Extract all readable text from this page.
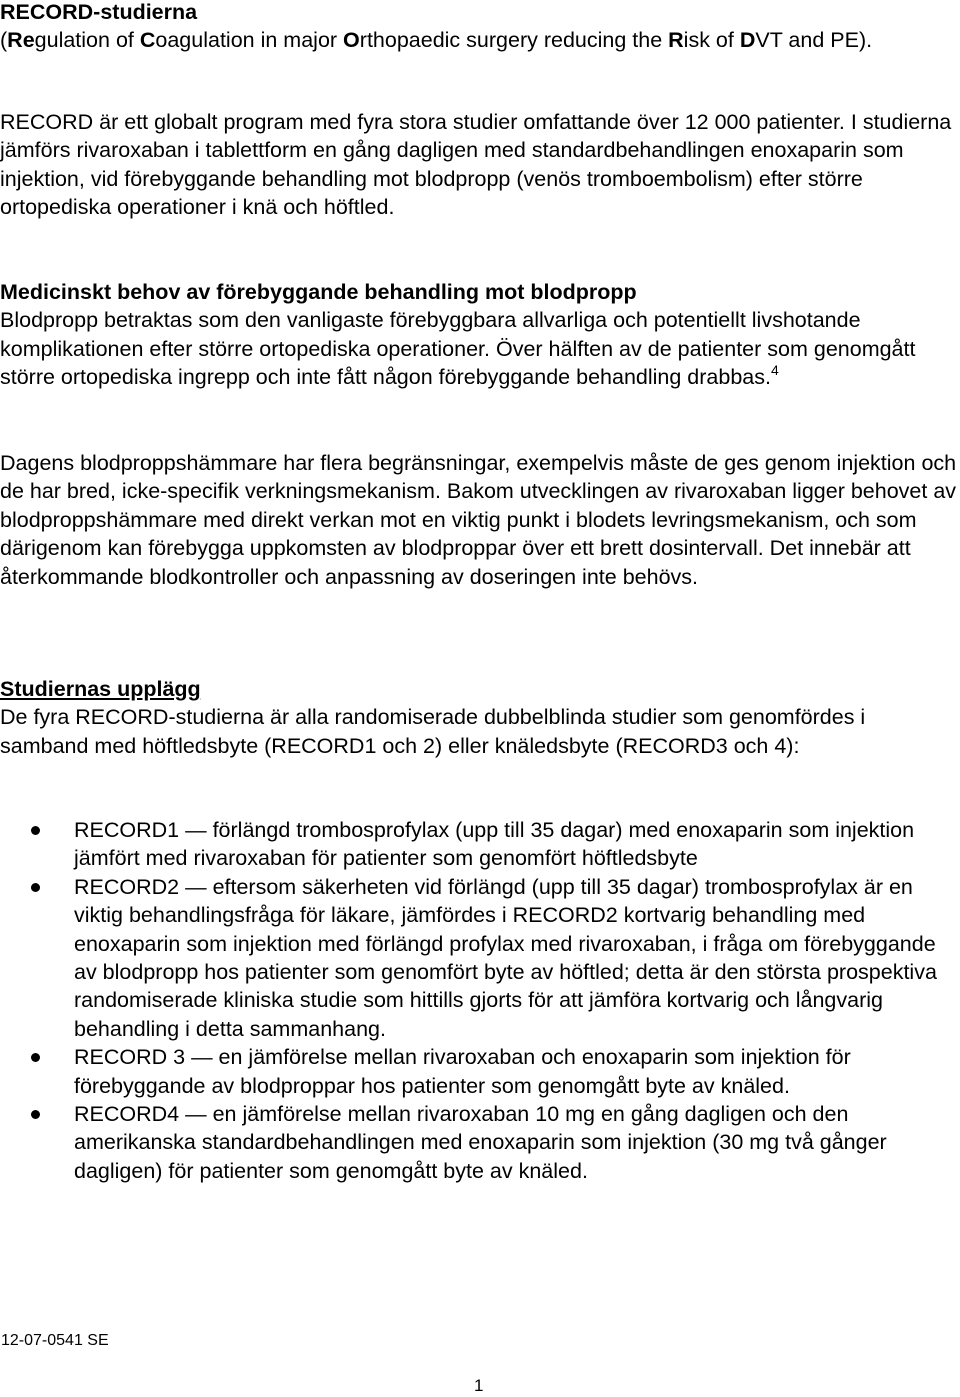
RECORD-studierna
(Regulation of Coagulation in major Orthopaedic surgery reducing the Risk of DVT and PE).

RECORD är ett globalt program med fyra stora studier omfattande över 12 000 patienter. I studierna jämförs rivaroxaban i tablettform en gång dagligen med standardbehandlingen enoxaparin som injektion, vid förebyggande behandling mot blodpropp (venös tromboembolism) efter större ortopediska operationer i knä och höftled.

Medicinskt behov av förebyggande behandling mot blodpropp
Blodpropp betraktas som den vanligaste förebyggbara allvarliga och potentiellt livshotande komplikationen efter större ortopediska operationer. Över hälften av de patienter som genomgått större ortopediska ingrepp och inte fått någon förebyggande behandling drabbas.$^4$

Dagens blodproppshämmare har flera begränsningar, exempelvis måste de ges genom injektion och de har bred, icke-specifik verkningsmekanism. Bakom utvecklingen av rivaroxaban ligger behovet av blodproppshämmare med direkt verkan mot en viktig punkt i blodets levringsmekanism, och som därigenom kan förebygga uppkomsten av blodproppar över ett brett dosintervall. Det innebär att återkommande blodkontroller och anpassning av doseringen inte behövs.

Studiernas upplägg
De fyra RECORD-studierna är alla randomiserade dubbelblinda studier som genomfördes i samband med höftledsbyte (RECORD1 och 2) eller knäledsbyte (RECORD3 och 4):
RECORD1 — förlängd trombosprofylax (upp till 35 dagar) med enoxaparin som injektion jämfört med rivaroxaban för patienter som genomfört höftledsbyte
RECORD2 — eftersom säkerheten vid förlängd (upp till 35 dagar) trombosprofylax är en viktig behandlingsfråga för läkare, jämfördes i RECORD2 kortvarig behandling med enoxaparin som injektion med förlängd profylax med rivaroxaban, i fråga om förebyggande av blodpropp hos patienter som genomfört byte av höftled; detta är den största prospektiva randomiserade kliniska studie som hittills gjorts för att jämföra kortvarig och långvarig behandling i detta sammanhang.
RECORD 3 — en jämförelse mellan rivaroxaban och enoxaparin som injektion för förebyggande av blodproppar hos patienter som genomgått byte av knäled.
RECORD4 — en jämförelse mellan rivaroxaban 10 mg en gång dagligen och den amerikanska standardbehandlingen med enoxaparin som injektion (30 mg två gånger dagligen) för patienter som genomgått byte av knäled.
12-07-0541 SE
1
